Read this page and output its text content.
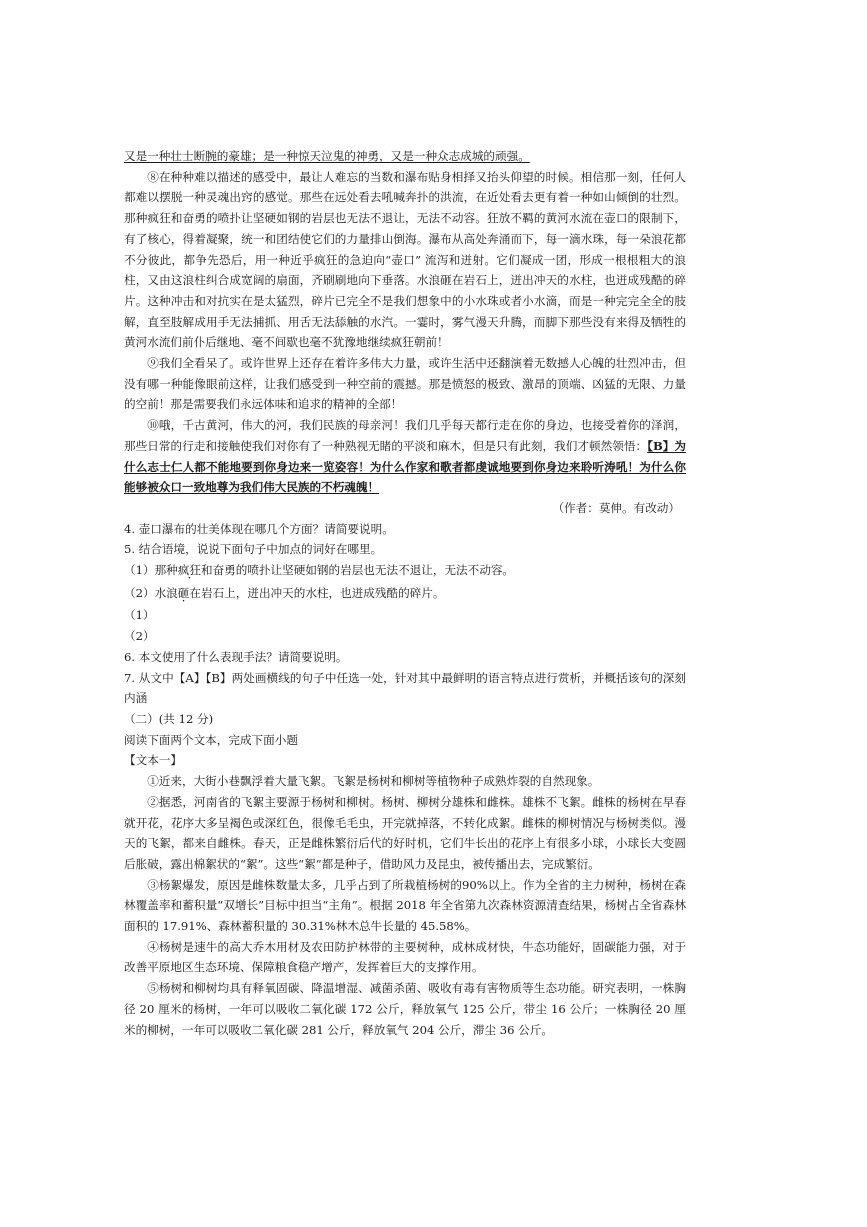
又是一种壮士断腕的豪雄；是一种惊天泣鬼的神勇，又是一种众志成城的顽强。

⑧在种种难以描述的感受中，最让人难忘的当数和瀑布贴身相择又抬头仰望的时候。相信那一刻，任何人都难以摆脱一种灵魂出窍的感觉。那些在远处看去吼喊奔扑的洪流，在近处看去更有着一种如山倾倒的壮烈。那种疯狂和奋勇的喷扑让坚硬如钢的岩层也无法不退让，无法不动容。狂放不羁的黄河水流在壶口的限制下，有了核心，得着凝聚，统一和团结使它们的力量排山倒海。瀑布从高处奔涌而下，每一滴水珠，每一朵浪花都不分彼此，都争先恐后，用一种近乎疯狂的急迫向“壶口” 流泻和迸射。它们凝成一团，形成一根根粗大的浪柱，又由这浪柱纠合成宽阔的扇面，齐刷刷地向下垂落。水浪砸在岩石上，迸出冲天的水柱，也迸成残酷的碎片。这种冲击和对抗实在是太猛烈，碎片已完全不是我们想象中的小水珠或者小水滴，而是一种完完全全的肢解，直至肢解成用手无法捕抓、用舌无法舔触的水汽。一霎时，雾气漫天升腾，而脚下那些没有来得及牺牲的黄河水流们前仆后继地、毫不间歇也毫不犹豫地继续疯狂朝前！

⑨我们全看呆了。或许世界上还存在着许多伟大力量，或许生活中还翻演着无数撼人心魄的壮烈冲击，但没有哪一种能像眼前这样，让我们感受到一种空前的震撼。那是愤怒的极致、激昂的顶端、凶猛的无限、力量的空前！那是需要我们永远体味和追求的精神的全部！

⑩哦，千古黄河，伟大的河，我们民族的母亲河！我们几乎每天都行走在你的身边，也接受着你的泽润，那些日常的行走和接触使我们对你有了一种熟视无睹的平淡和麻木，但是只有此刻，我们才顿然领悟：【B】为什么志士仁人都不能地要到你身边来一览姿容！为什么作家和歌者都虔诚地要到你身边来聆听涛吼！为什么你能够被众口一致地尊为我们伟大民族的不朽魂魄！

（作者：莫伸。有改动）

4. 壶口瀑布的壮美体现在哪几个方面？请简要说明。

5. 结合语境，说说下面句子中加点的词好在哪里。

（1）那种疯狂和奋勇的喷扑让坚硬如钢的岩层也无法不退让，无法不动容。

（2）水浪砸在岩石上，迸出冲天的水柱，也迸成残酷的碎片。

（1）

（2）

6. 本文使用了什么表现手法？请简要说明。

7. 从文中【A】【B】两处画横线的句子中任选一处，针对其中最鲜明的语言特点进行赏析，并概括该句的深刻内涵

（二）(共 12 分)

阅读下面两个文本，完成下面小题

【文本一】

①近来，大街小巷飘浮着大量飞絮。飞絮是杨树和柳树等植物种子成熟炸裂的自然现象。

②据悉，河南省的飞絮主要源于杨树和柳树。杨树、柳树分雄株和雌株。雄株不飞絮。雌株的杨树在早春就开花，花序大多呈褐色或深红色，很像毛毛虫，开完就掉落，不转化成絮。雌株的柳树情况与杨树类似。漫天的飞絮，都来自雌株。春天，正是雌株繁衍后代的好时机，它们牛长出的花序上有很多小球，小球长大变圆后胀破，露出棉絮状的“絮”。这些“絮”都是种子，借助风力及昆虫，被传播出去，完成繁衍。

③杨絮爆发，原因是雌株数量太多，几乎占到了所栽植杨树的90%以上。作为全省的主力树种，杨树在森林覆盖率和蓄积量“双增长”目标中担当“主角”。根据 2018 年全省第九次森林资源清查结果，杨树占全省森林面积的 17.91%、森林蓄积量的 30.31%林木总牛长量的 45.58%。

④杨树是速牛的高大乔木用材及农田防护林带的主要树种，成林成材快，牛态功能好，固碳能力强，对于改善平原地区生态环境、保障粮食稳产增产，发挥着巨大的支撑作用。

⑤杨树和柳树均具有释氧固碳、降温增湿、减菌杀菌、吸收有毒有害物质等生态功能。研究表明，一株胸径 20 厘米的杨树，一年可以吸收二氧化碳 172 公斤，释放氧气 125 公斤，带尘 16 公斤；一株胸径 20 厘米的柳树，一年可以吸收二氧化碳 281 公斤，释放氧气 204 公斤，滞尘 36 公斤。
